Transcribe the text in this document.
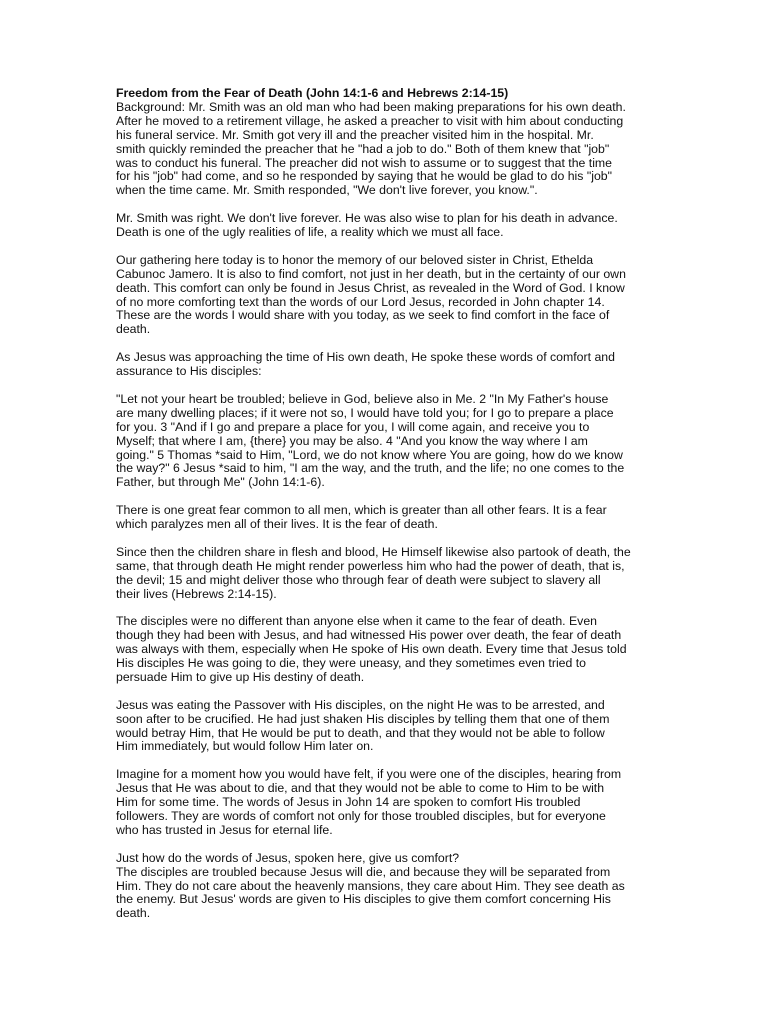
Freedom from the Fear of Death (John 14:1-6 and Hebrews 2:14-15)
Background: Mr. Smith was an old man who had been making preparations for his own death.
After he moved to a retirement village, he asked a preacher to visit with him about conducting
his funeral service. Mr. Smith got very ill and the preacher visited him in the hospital. Mr.
smith quickly reminded the preacher that he "had a job to do." Both of them knew that "job"
was to conduct his funeral. The preacher did not wish to assume or to suggest that the time
for his "job" had come, and so he responded by saying that he would be glad to do his "job"
when the time came. Mr. Smith responded, "We don't live forever, you know.".

Mr. Smith was right. We don't live forever. He was also wise to plan for his death in advance.
Death is one of the ugly realities of life, a reality which we must all face.

Our gathering here today is to honor the memory of our beloved sister in Christ, Ethelda
Cabunoc Jamero. It is also to find comfort, not just in her death, but in the certainty of our own
death. This comfort can only be found in Jesus Christ, as revealed in the Word of God. I know
of no more comforting text than the words of our Lord Jesus, recorded in John chapter 14.
These are the words I would share with you today, as we seek to find comfort in the face of
death.

As Jesus was approaching the time of His own death, He spoke these words of comfort and
assurance to His disciples:

"Let not your heart be troubled; believe in God, believe also in Me. 2 "In My Father's house
are many dwelling places; if it were not so, I would have told you; for I go to prepare a place
for you. 3 "And if I go and prepare a place for you, I will come again, and receive you to
Myself; that where I am, {there} you may be also. 4 "And you know the way where I am
going." 5 Thomas *said to Him, "Lord, we do not know where You are going, how do we know
the way?" 6 Jesus *said to him, "I am the way, and the truth, and the life; no one comes to the
Father, but through Me" (John 14:1-6).

There is one great fear common to all men, which is greater than all other fears. It is a fear
which paralyzes men all of their lives. It is the fear of death.

Since then the children share in flesh and blood, He Himself likewise also partook of death, the
same, that through death He might render powerless him who had the power of death, that is,
the devil; 15 and might deliver those who through fear of death were subject to slavery all
their lives (Hebrews 2:14-15).

The disciples were no different than anyone else when it came to the fear of death. Even
though they had been with Jesus, and had witnessed His power over death, the fear of death
was always with them, especially when He spoke of His own death. Every time that Jesus told
His disciples He was going to die, they were uneasy, and they sometimes even tried to
persuade Him to give up His destiny of death.

Jesus was eating the Passover with His disciples, on the night He was to be arrested, and
soon after to be crucified. He had just shaken His disciples by telling them that one of them
would betray Him, that He would be put to death, and that they would not be able to follow
Him immediately, but would follow Him later on.

Imagine for a moment how you would have felt, if you were one of the disciples, hearing from
Jesus that He was about to die, and that they would not be able to come to Him to be with
Him for some time. The words of Jesus in John 14 are spoken to comfort His troubled
followers. They are words of comfort not only for those troubled disciples, but for everyone
who has trusted in Jesus for eternal life.

Just how do the words of Jesus, spoken here, give us comfort?
The disciples are troubled because Jesus will die, and because they will be separated from
Him. They do not care about the heavenly mansions, they care about Him. They see death as
the enemy. But Jesus' words are given to His disciples to give them comfort concerning His
death.
